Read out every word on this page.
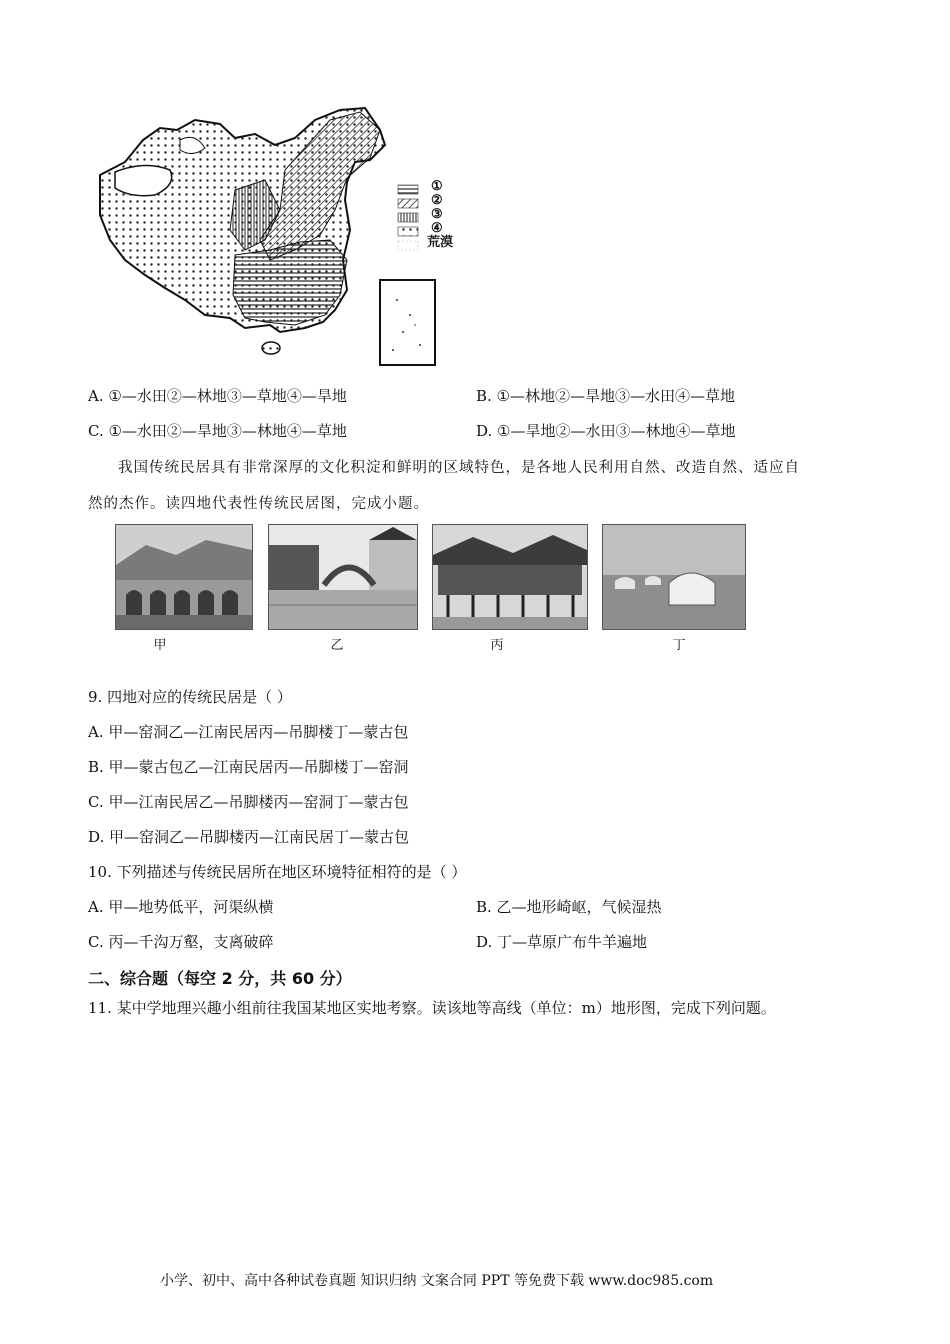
①
②
③
④
荒漠
A. ①—水田②—林地③—草地④—旱地	B. ①—林地②—旱地③—水田④—草地
C. ①—水田②—旱地③—林地④—草地	D. ①—旱地②—水田③—林地④—草地
我国传统民居具有非常深厚的文化积淀和鲜明的区域特色，是各地人民利用自然、改造自然、适应自
然的杰作。读四地代表性传统民居图，完成小题。
甲	乙	丙	丁
9. 四地对应的传统民居是（ ）
A. 甲—窑洞乙—江南民居丙—吊脚楼丁—蒙古包
B. 甲—蒙古包乙—江南民居丙—吊脚楼丁—窑洞
C. 甲—江南民居乙—吊脚楼丙—窑洞丁—蒙古包
D. 甲—窑洞乙—吊脚楼丙—江南民居丁—蒙古包
10. 下列描述与传统民居所在地区环境特征相符的是（ ）
A. 甲—地势低平，河渠纵横	B. 乙—地形崎岖，气候湿热
C. 丙—千沟万壑，支离破碎	D. 丁—草原广布牛羊遍地
二、综合题（每空 2 分，共 60 分）
11. 某中学地理兴趣小组前往我国某地区实地考察。读该地等高线（单位：m）地形图，完成下列问题。
小学、初中、高中各种试卷真题 知识归纳 文案合同 PPT 等免费下载 www.doc985.com
